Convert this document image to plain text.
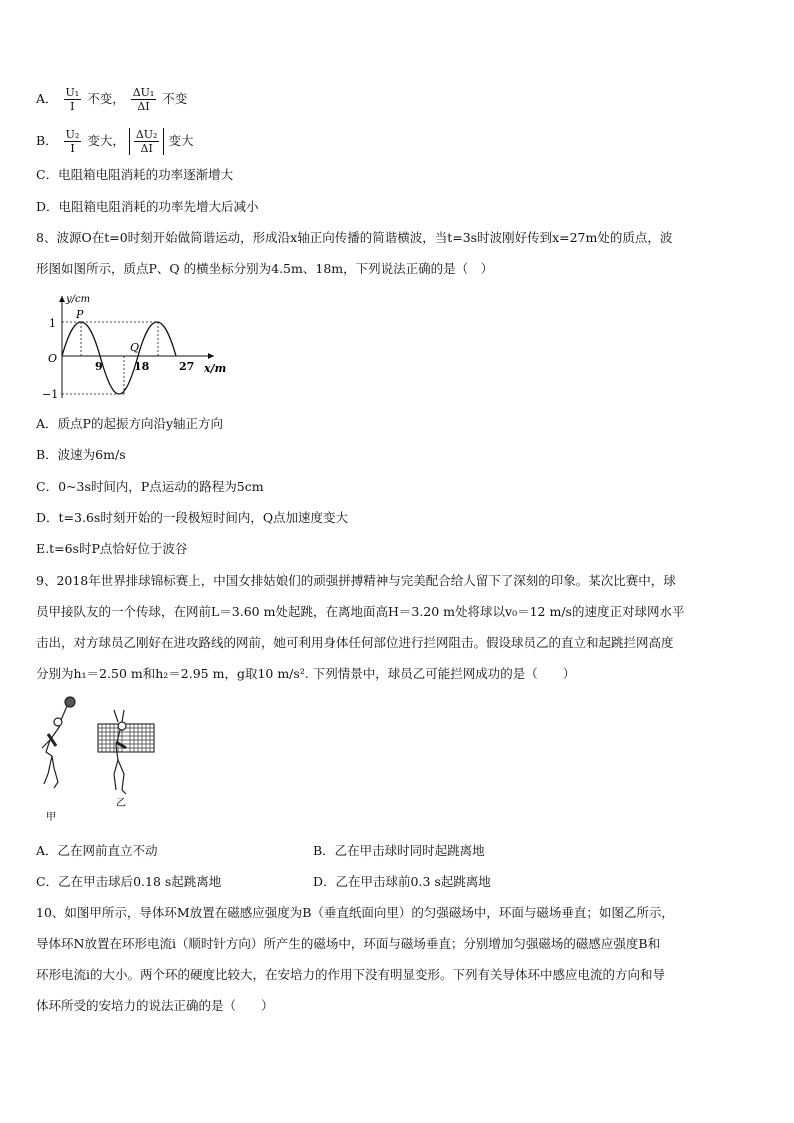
A． $\frac{\text{U₁}}{I}$ 不变， $\frac{\text{ΔU₁}}{\Delta I}$ 不变
B． $\frac{\text{U₂}}{I}$ 变大， $\frac{\text{ΔU₂}}{\Delta I}$ 变大
C．电阻箱电阻消耗的功率逐渐增大
D．电阻箱电阻消耗的功率先增大后减小
8、波源O在t=0时刻开始做简谐运动，形成沿x轴正向传播的简谐横波，当t=3s时波刚好传到x=27m处的质点，波
形图如图所示，质点P、Q 的横坐标分别为4.5m、18m，下列说法正确的是（　）
y/cm
x/m
O
1
−1
9	18	27
P
Q
A．质点P的起振方向沿y轴正方向
B．波速为6m/s
C．0~3s时间内，P点运动的路程为5cm
D．t=3.6s时刻开始的一段极短时间内，Q点加速度变大
E.t=6s时P点恰好位于波谷
9、2018年世界排球锦标赛上，中国女排姑娘们的顽强拼搏精神与完美配合给人留下了深刻的印象。某次比赛中，球
员甲接队友的一个传球，在网前L＝3.60 m处起跳，在离地面高H＝3.20 m处将球以v₀＝12 m/s的速度正对球网水平
击出，对方球员乙刚好在进攻路线的网前，她可利用身体任何部位进行拦网阻击。假设球员乙的直立和起跳拦网高度
分别为h₁＝2.50 m和h₂＝2.95 m，g取10 m/s². 下列情景中，球员乙可能拦网成功的是（　　）
甲
乙
A．乙在网前直立不动	B．乙在甲击球时同时起跳离地
C．乙在甲击球后0.18 s起跳离地	D．乙在甲击球前0.3 s起跳离地
10、如图甲所示，导体环M放置在磁感应强度为B（垂直纸面向里）的匀强磁场中，环面与磁场垂直；如图乙所示，
导体环N放置在环形电流i（顺时针方向）所产生的磁场中，环面与磁场垂直；分别增加匀强磁场的磁感应强度B和
环形电流i的大小。两个环的硬度比较大，在安培力的作用下没有明显变形。下列有关导体环中感应电流的方向和导
体环所受的安培力的说法正确的是（　　）
